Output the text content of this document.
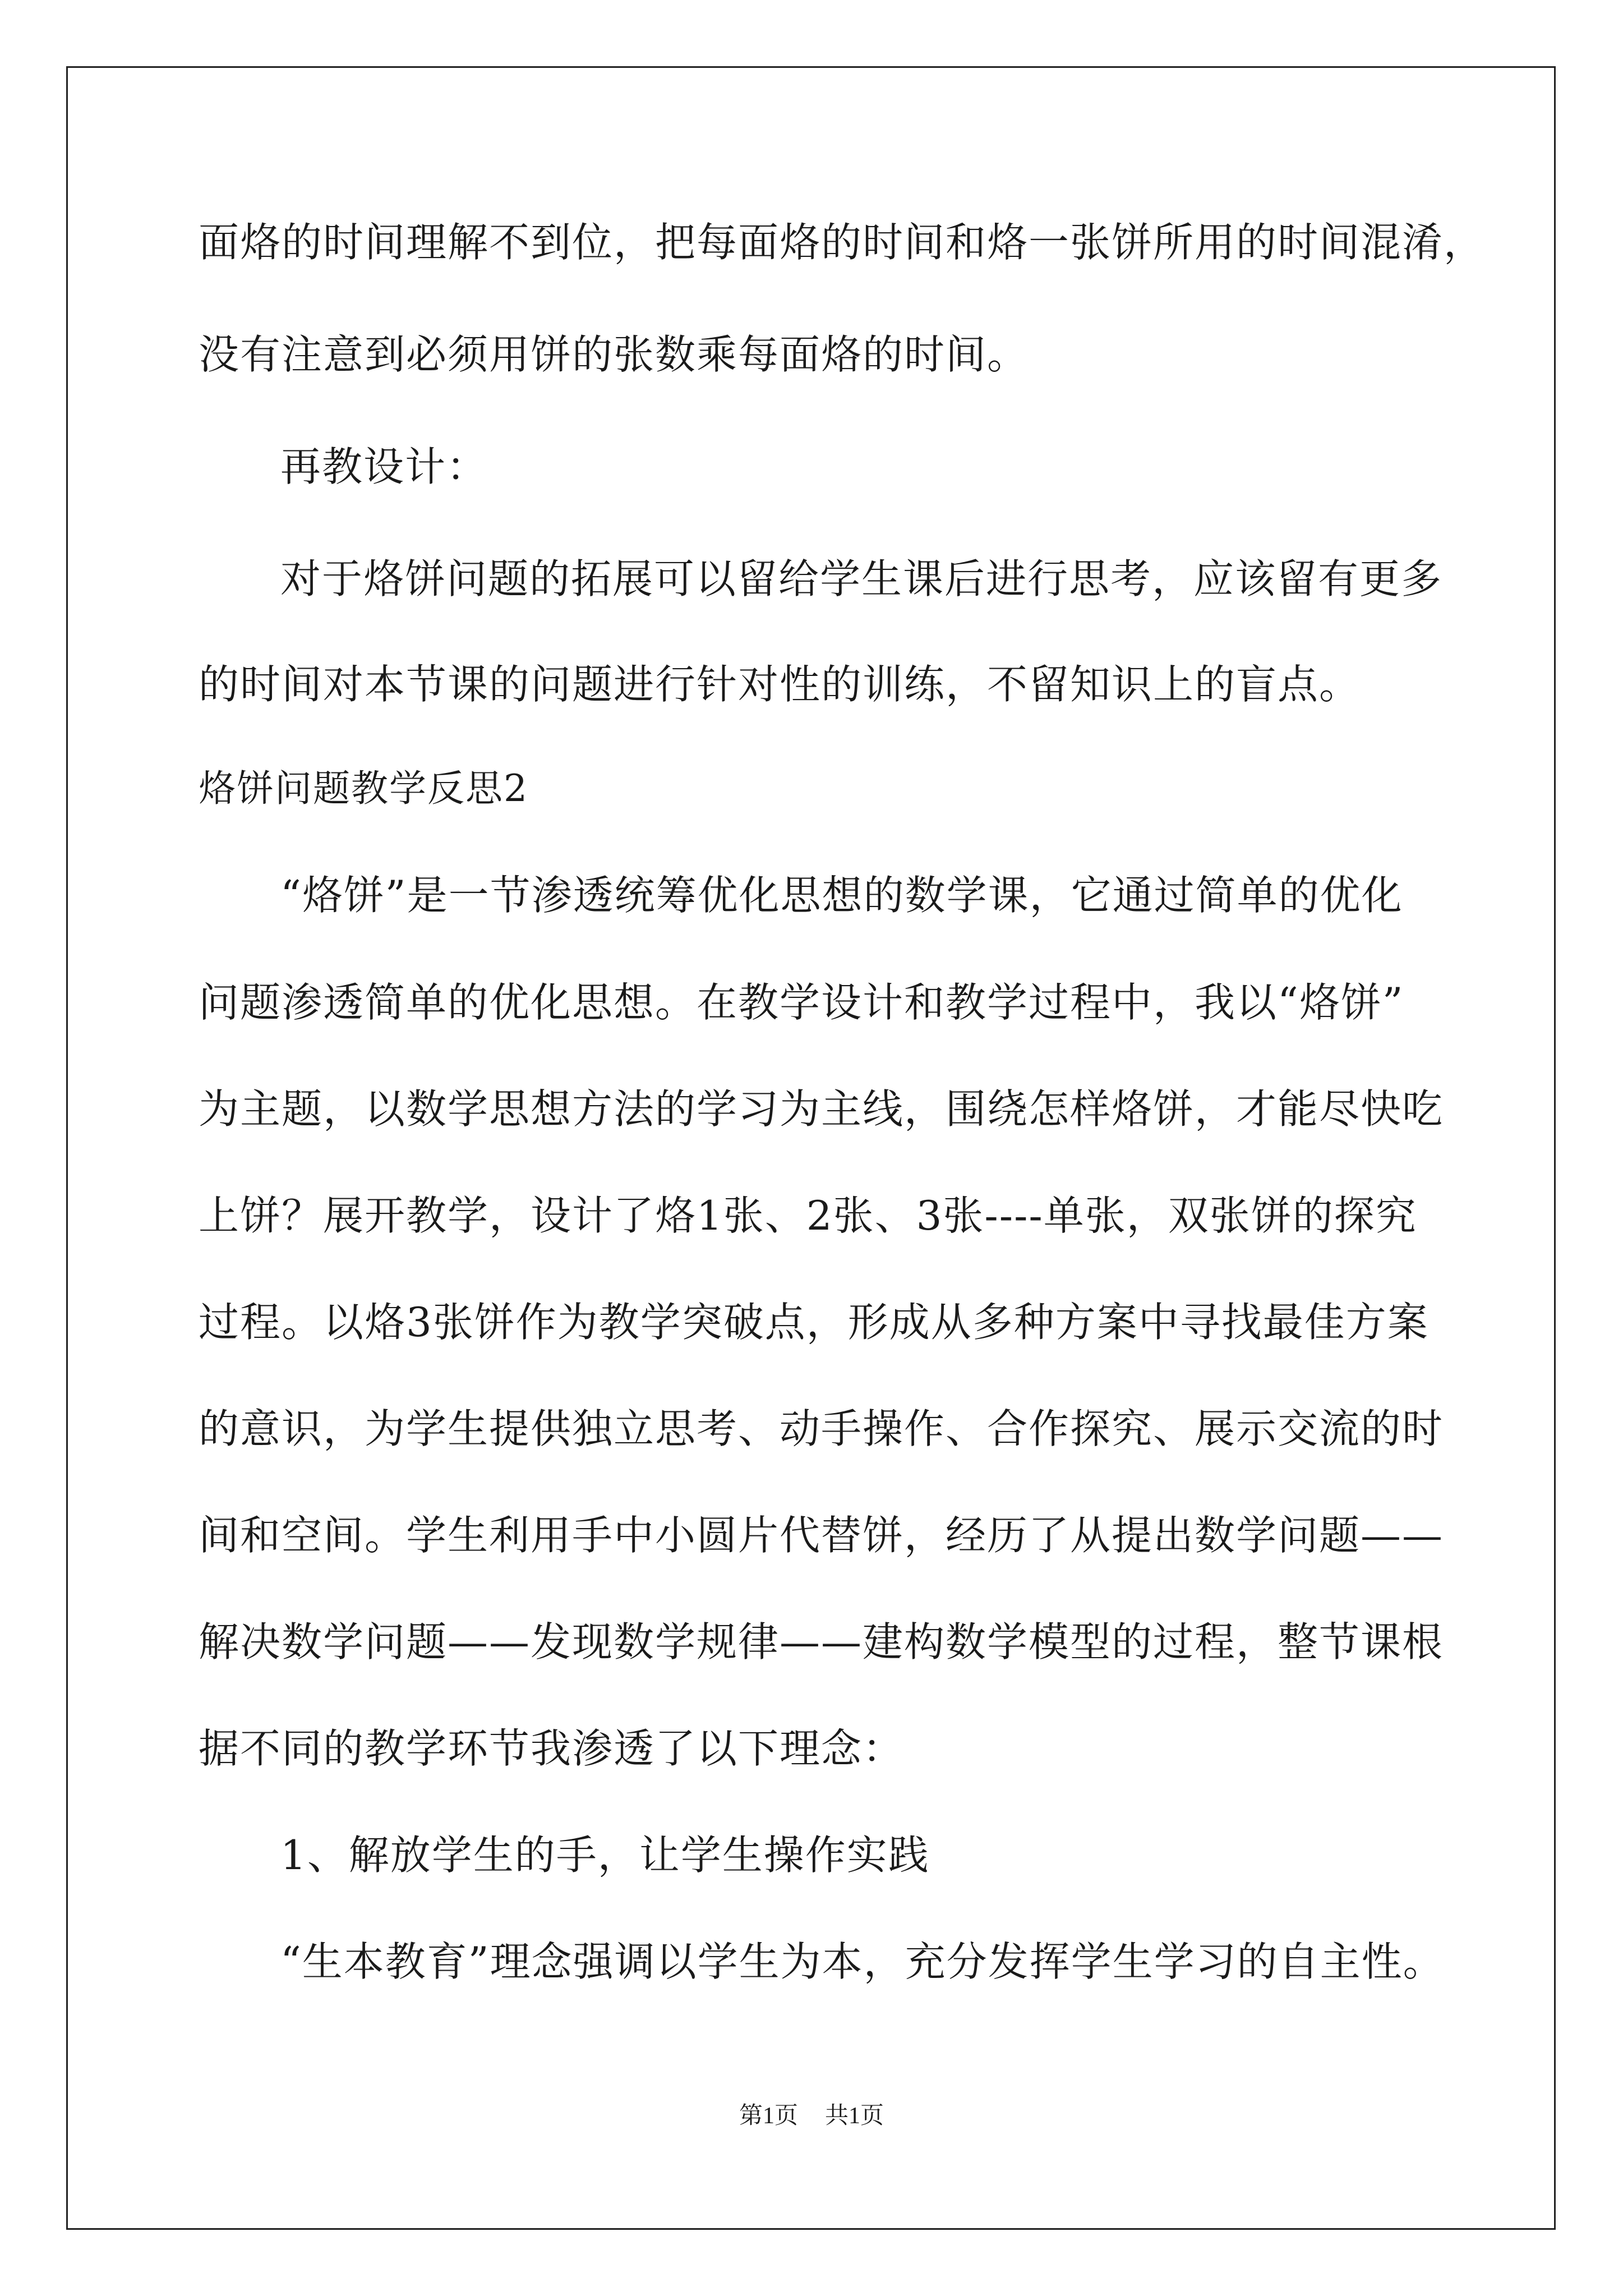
面烙的时间理解不到位，把每面烙的时间和烙一张饼所用的时间混淆，
没有注意到必须用饼的张数乘每面烙的时间。
再教设计：
对于烙饼问题的拓展可以留给学生课后进行思考，应该留有更多
的时间对本节课的问题进行针对性的训练，不留知识上的盲点。
烙饼问题教学反思2
“烙饼”是一节渗透统筹优化思想的数学课，它通过简单的优化
问题渗透简单的优化思想。在教学设计和教学过程中，我以“烙饼”
为主题，以数学思想方法的学习为主线，围绕怎样烙饼，才能尽快吃
上饼？展开教学，设计了烙1张、2张、3张----单张，双张饼的探究
过程。以烙3张饼作为教学突破点，形成从多种方案中寻找最佳方案
的意识，为学生提供独立思考、动手操作、合作探究、展示交流的时
间和空间。学生利用手中小圆片代替饼，经历了从提出数学问题——
解决数学问题——发现数学规律——建构数学模型的过程，整节课根
据不同的教学环节我渗透了以下理念：
1、解放学生的手，让学生操作实践
“生本教育”理念强调以学生为本，充分发挥学生学习的自主性。
第1页 共1页
